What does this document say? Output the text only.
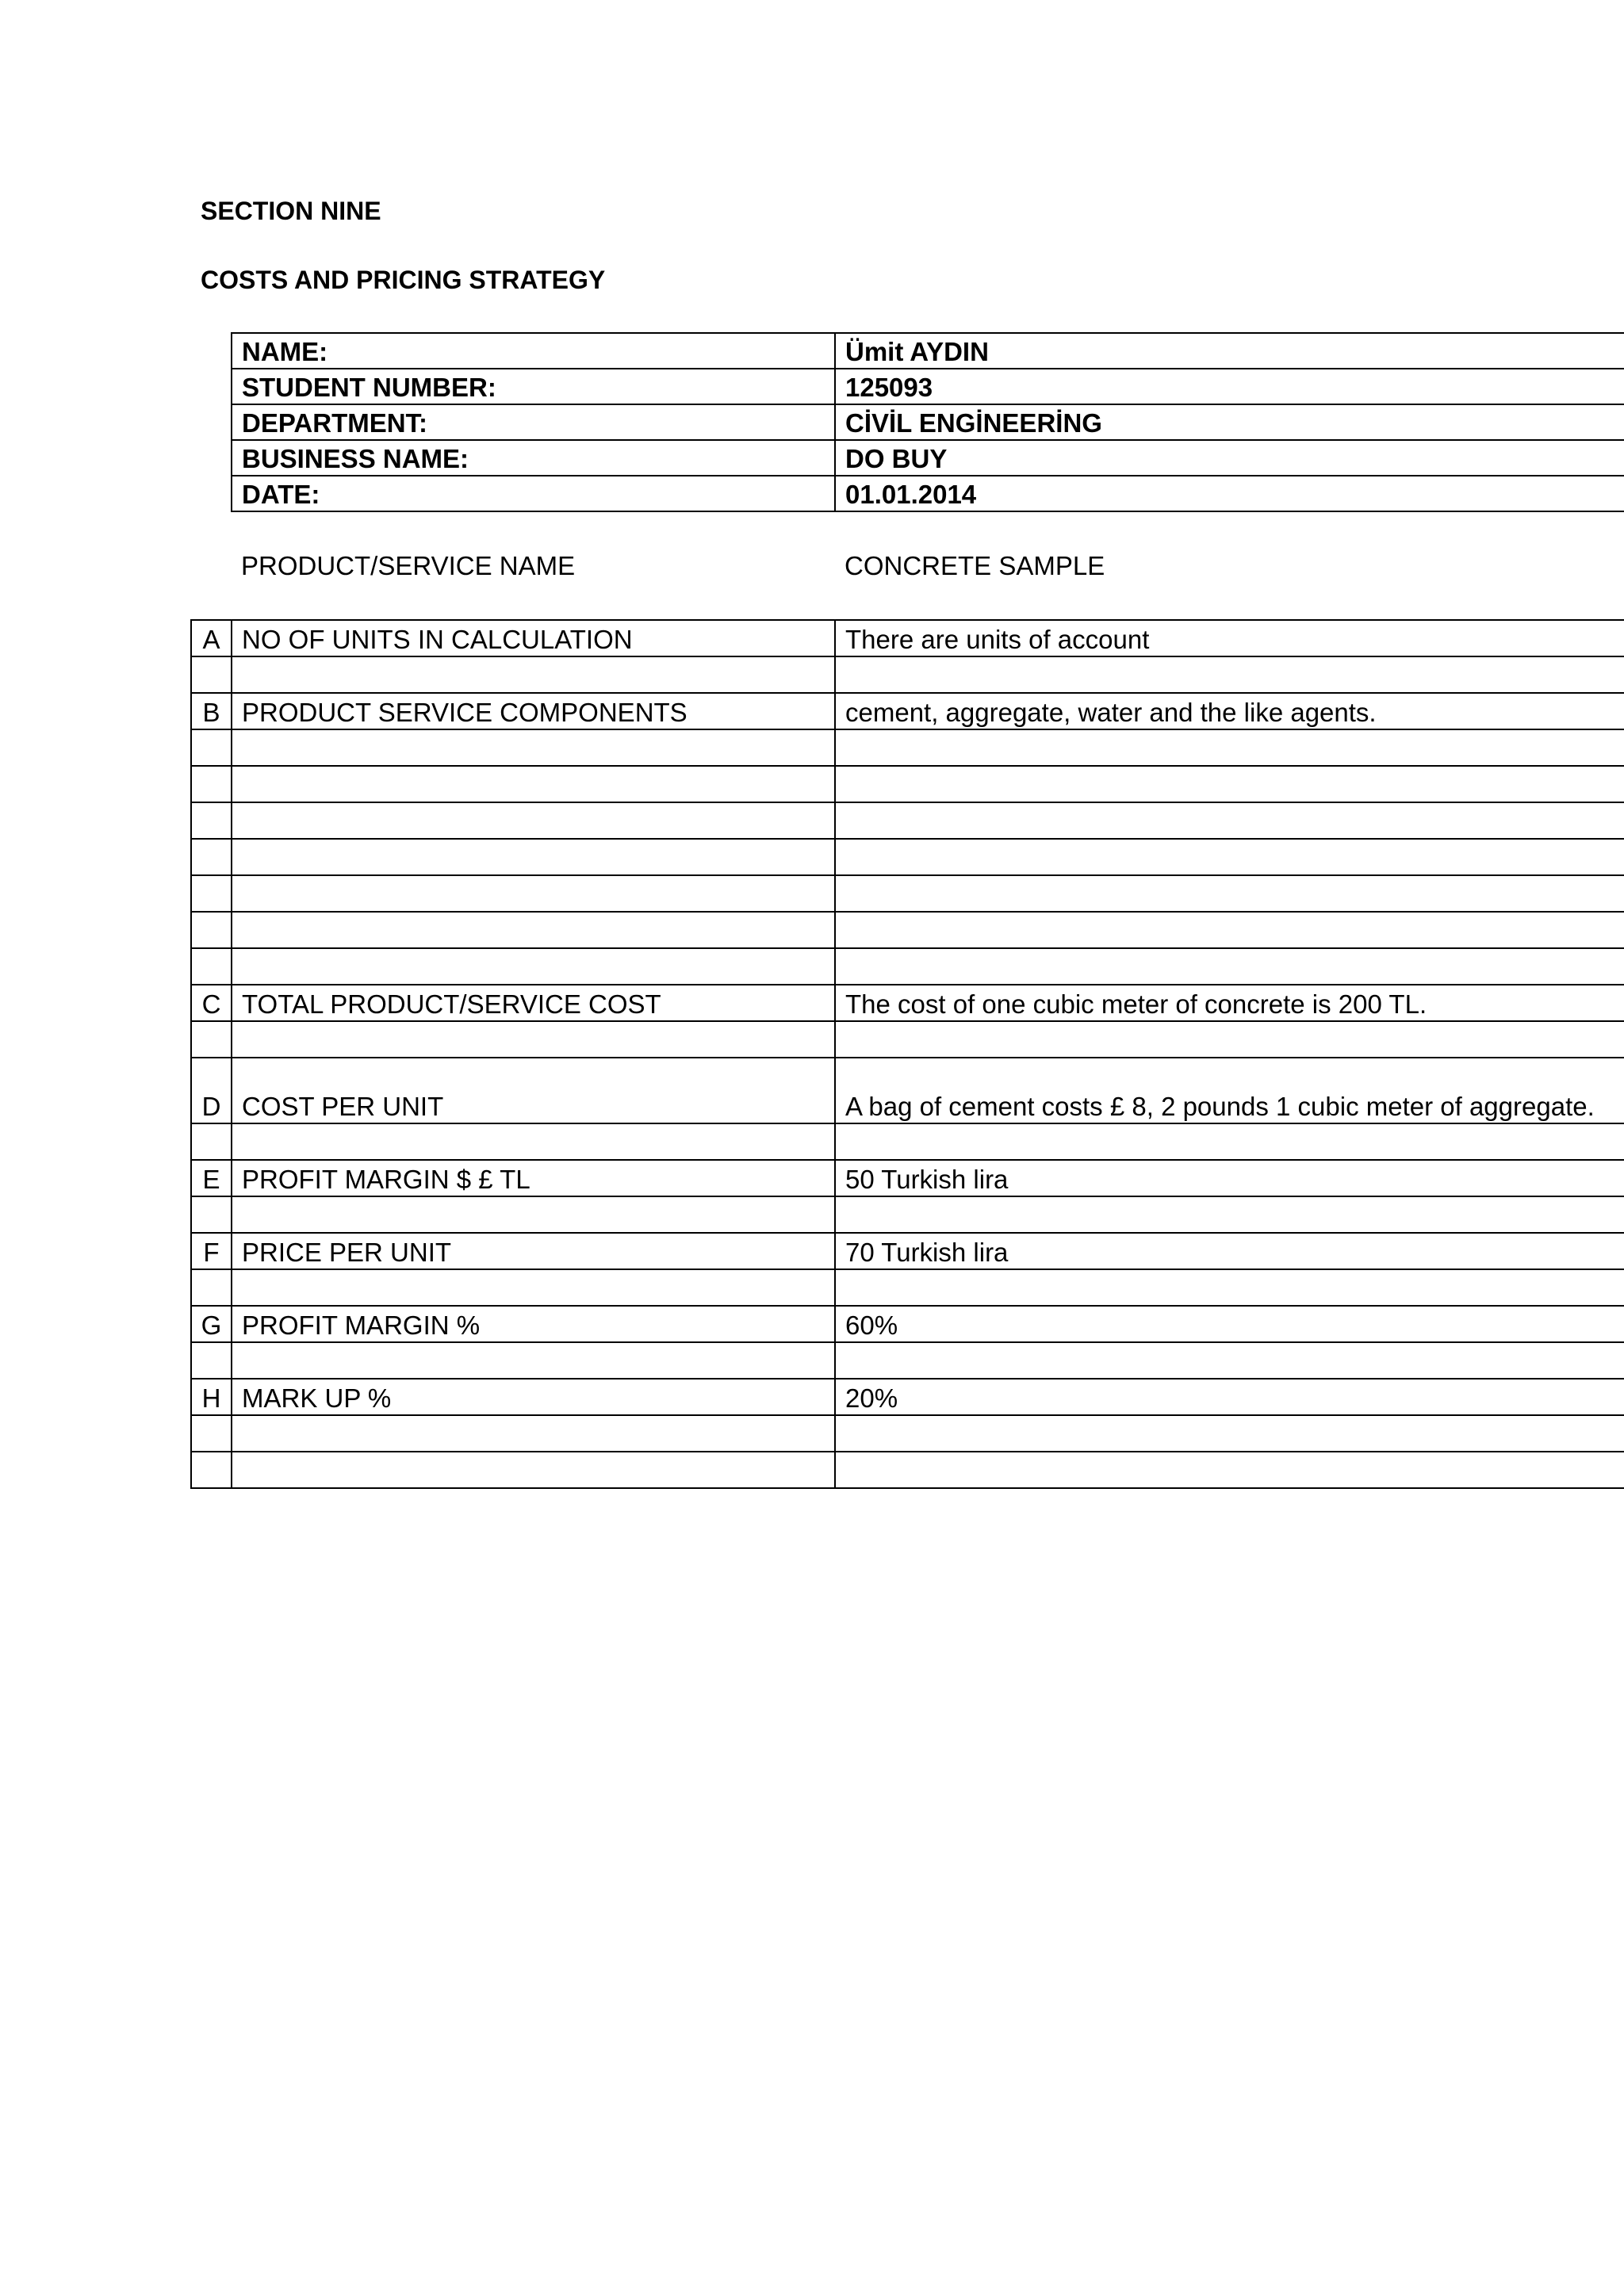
SECTION NINE
COSTS AND PRICING STRATEGY
NAME:	Ümit AYDIN
STUDENT NUMBER:	125093
DEPARTMENT:	CİVİL ENGİNEERİNG
BUSINESS NAME:	DO BUY
DATE:	01.01.2014
PRODUCT/SERVICE NAME	CONCRETE SAMPLE
A	NO OF UNITS IN CALCULATION	There are units of account

B	PRODUCT SERVICE COMPONENTS	cement, aggregate, water and the like agents.

C	TOTAL PRODUCT/SERVICE COST	The cost of one cubic meter of concrete is 200 TL.

D	COST PER UNIT	A bag of cement costs £ 8, 2 pounds 1 cubic meter of aggregate.

E	PROFIT MARGIN $ £ TL	50 Turkish lira

F	PRICE PER UNIT	70 Turkish lira

G	PROFIT MARGIN %	60%

H	MARK UP %	20%
